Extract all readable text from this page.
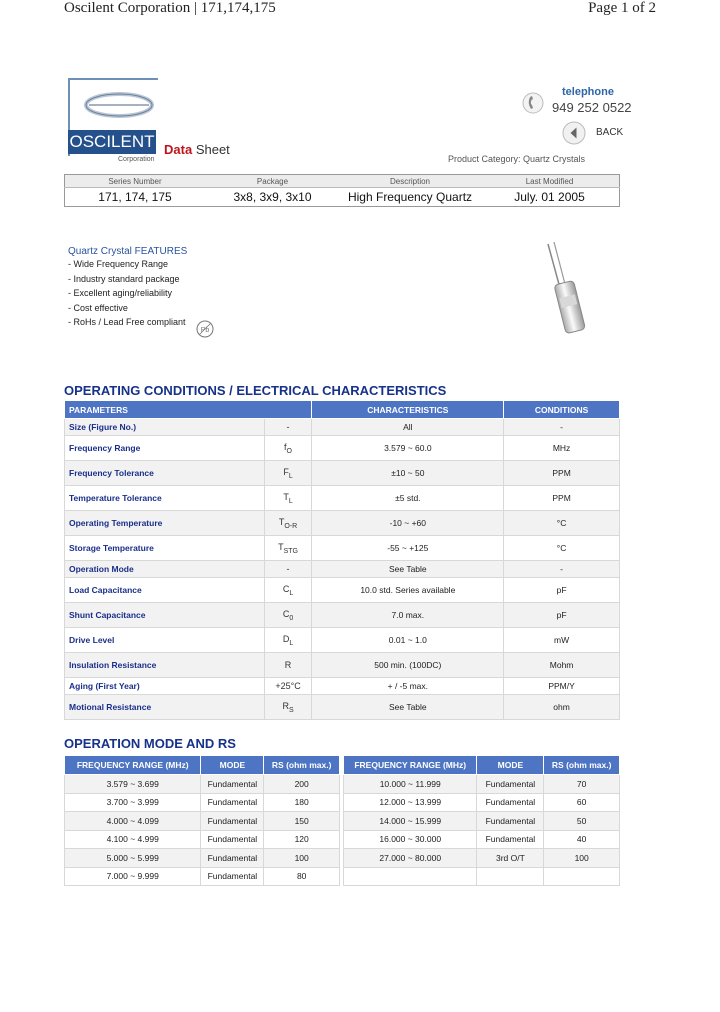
Oscilent Corporation | 171,174,175	Page 1 of 2
OSCILENT
Corporation
Data Sheet
telephone
949 252 0522
BACK
Product Category: Quartz Crystals
Series Number	Package	Description	Last Modified
171, 174, 175	3x8, 3x9, 3x10	High Frequency Quartz	July. 01 2005
Quartz Crystal FEATURES
- Wide Frequency Range
- Industry standard package
- Excellent aging/reliability
- Cost effective
- RoHs / Lead Free compliant
Pb
OPERATING CONDITIONS / ELECTRICAL CHARACTERISTICS
PARAMETERS		CHARACTERISTICS	CONDITIONS
Size (Figure No.)	-	All	-
Frequency Range	$f_O$	3.579 ~ 60.0	MHz
Frequency Tolerance	$F_L$	±10 ~ 50	PPM
Temperature Tolerance	$T_L$	±5 std.	PPM
Operating Temperature	$T_{O-R}$	-10 ~ +60	°C
Storage Temperature	$T_{STG}$	-55 ~ +125	°C
Operation Mode	-	See Table	-
Load Capacitance	$C_L$	10.0 std. Series available	pF
Shunt Capacitance	$C_0$	7.0 max.	pF
Drive Level	$D_L$	0.01 ~ 1.0	mW
Insulation Resistance	R	500 min. (100DC)	Mohm
Aging (First Year)	+25°C	+ / -5 max.	PPM/Y
Motional Resistance	$R_S$	See Table	ohm
OPERATION MODE AND RS
FREQUENCY RANGE (MHz)	MODE	RS (ohm max.)
3.579 ~ 3.699	Fundamental	200
3.700 ~ 3.999	Fundamental	180
4.000 ~ 4.099	Fundamental	150
4.100 ~ 4.999	Fundamental	120
5.000 ~ 5.999	Fundamental	100
7.000 ~ 9.999	Fundamental	80
FREQUENCY RANGE (MHz)	MODE	RS (ohm max.)
10.000 ~ 11.999	Fundamental	70
12.000 ~ 13.999	Fundamental	60
14.000 ~ 15.999	Fundamental	50
16.000 ~ 30.000	Fundamental	40
27.000 ~ 80.000	3rd O/T	100
